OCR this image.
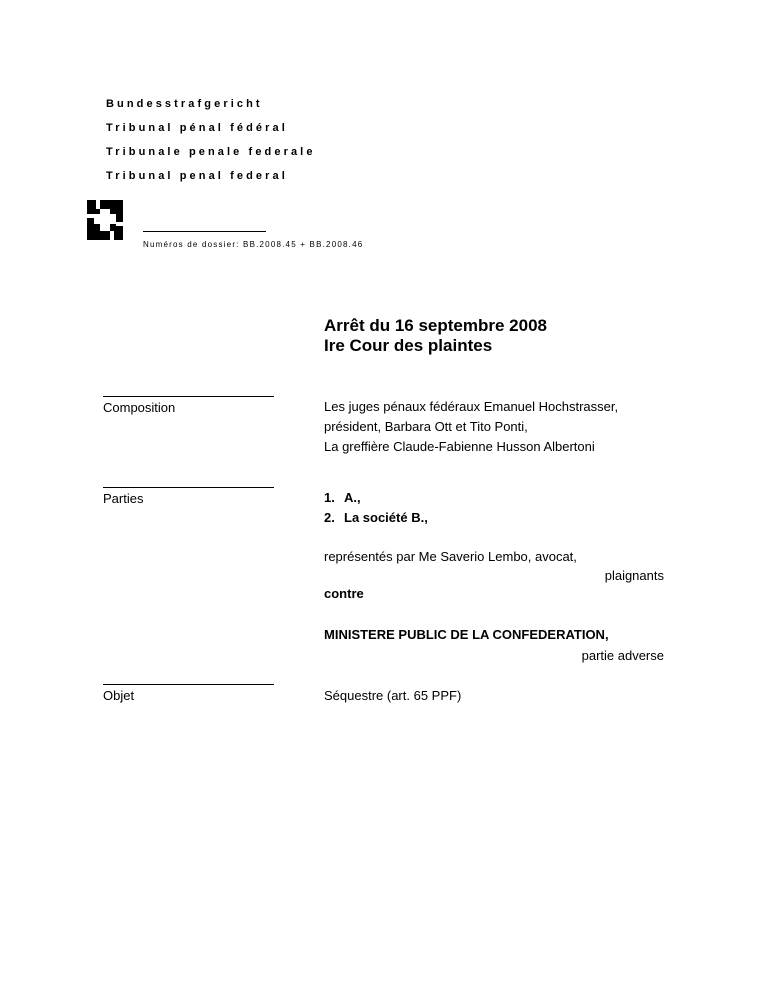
Bundesstrafgericht
Tribunal pénal fédéral
Tribunale penale federale
Tribunal penal federal
Numéros de dossier: BB.2008.45 + BB.2008.46
Arrêt du 16 septembre 2008
Ire Cour des plaintes
Composition	Les juges pénaux fédéraux Emanuel Hochstrasser,
président, Barbara Ott et Tito Ponti,
La greffière Claude-Fabienne Husson Albertoni
Parties	1. A.,
2. La société B.,
représentés par Me Saverio Lembo, avocat,
plaignants
contre
MINISTERE PUBLIC DE LA CONFEDERATION,
partie adverse
Objet	Séquestre (art. 65 PPF)
